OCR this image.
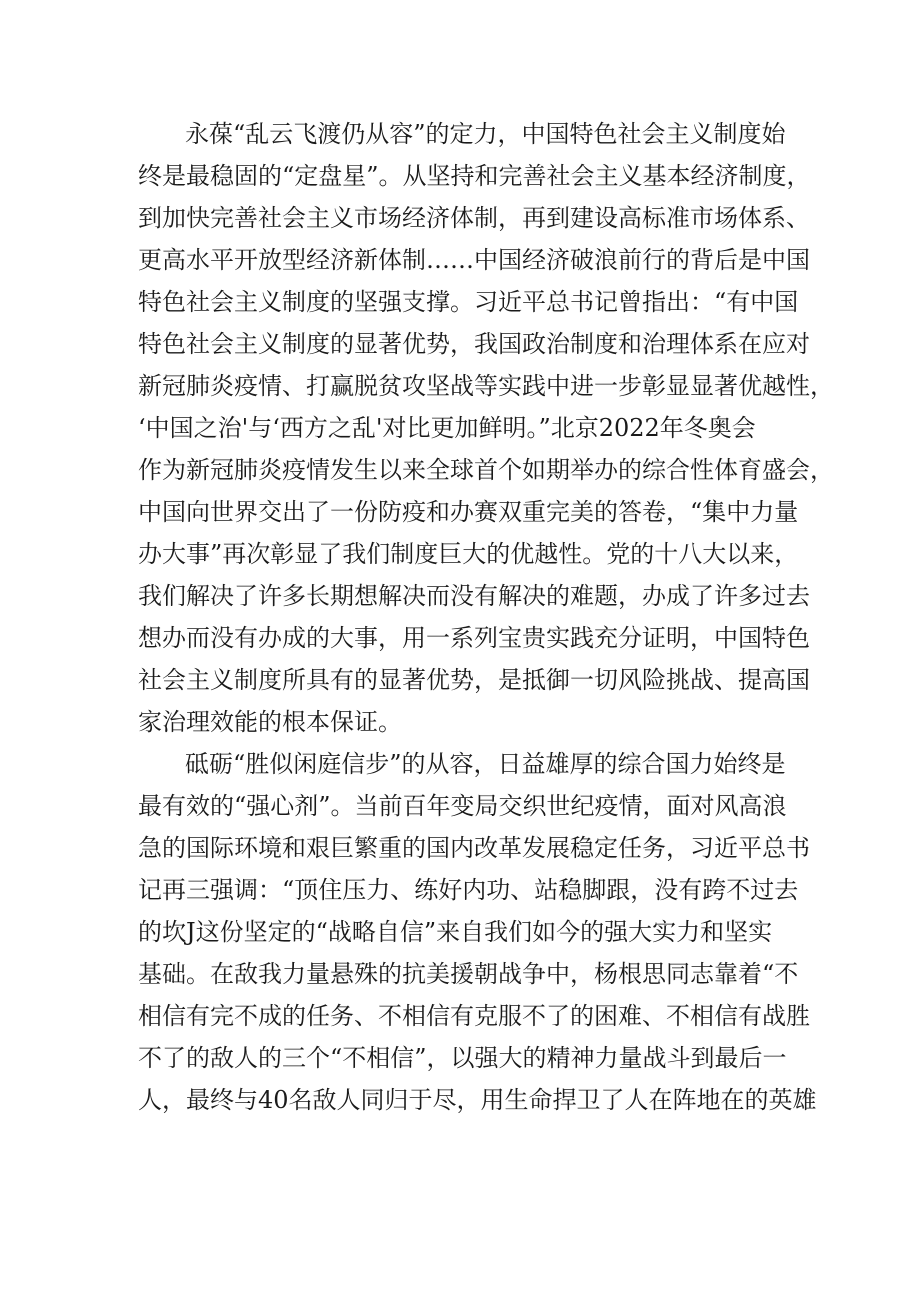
永葆“乱云飞渡仍从容”的定力，中国特色社会主义制度始
终是最稳固的“定盘星”。从坚持和完善社会主义基本经济制度，
到加快完善社会主义市场经济体制，再到建设高标准市场体系、
更高水平开放型经济新体制……中国经济破浪前行的背后是中国
特色社会主义制度的坚强支撑。习近平总书记曾指出：“有中国
特色社会主义制度的显著优势，我国政治制度和治理体系在应对
新冠肺炎疫情、打赢脱贫攻坚战等实践中进一步彰显显著优越性，
‘中国之治'与‘西方之乱'对比更加鲜明。”北京2022年冬奥会
作为新冠肺炎疫情发生以来全球首个如期举办的综合性体育盛会，
中国向世界交出了一份防疫和办赛双重完美的答卷，“集中力量
办大事”再次彰显了我们制度巨大的优越性。党的十八大以来，
我们解决了许多长期想解决而没有解决的难题，办成了许多过去
想办而没有办成的大事，用一系列宝贵实践充分证明，中国特色
社会主义制度所具有的显著优势，是抵御一切风险挑战、提高国
家治理效能的根本保证。
砥砺“胜似闲庭信步”的从容，日益雄厚的综合国力始终是
最有效的“强心剂”。当前百年变局交织世纪疫情，面对风高浪
急的国际环境和艰巨繁重的国内改革发展稳定任务，习近平总书
记再三强调：“顶住压力、练好内功、站稳脚跟，没有跨不过去
的坎J这份坚定的“战略自信”来自我们如今的强大实力和坚实
基础。在敌我力量悬殊的抗美援朝战争中，杨根思同志靠着“不
相信有完不成的任务、不相信有克服不了的困难、不相信有战胜
不了的敌人的三个“不相信”，以强大的精神力量战斗到最后一
人，最终与40名敌人同归于尽，用生命捍卫了人在阵地在的英雄
